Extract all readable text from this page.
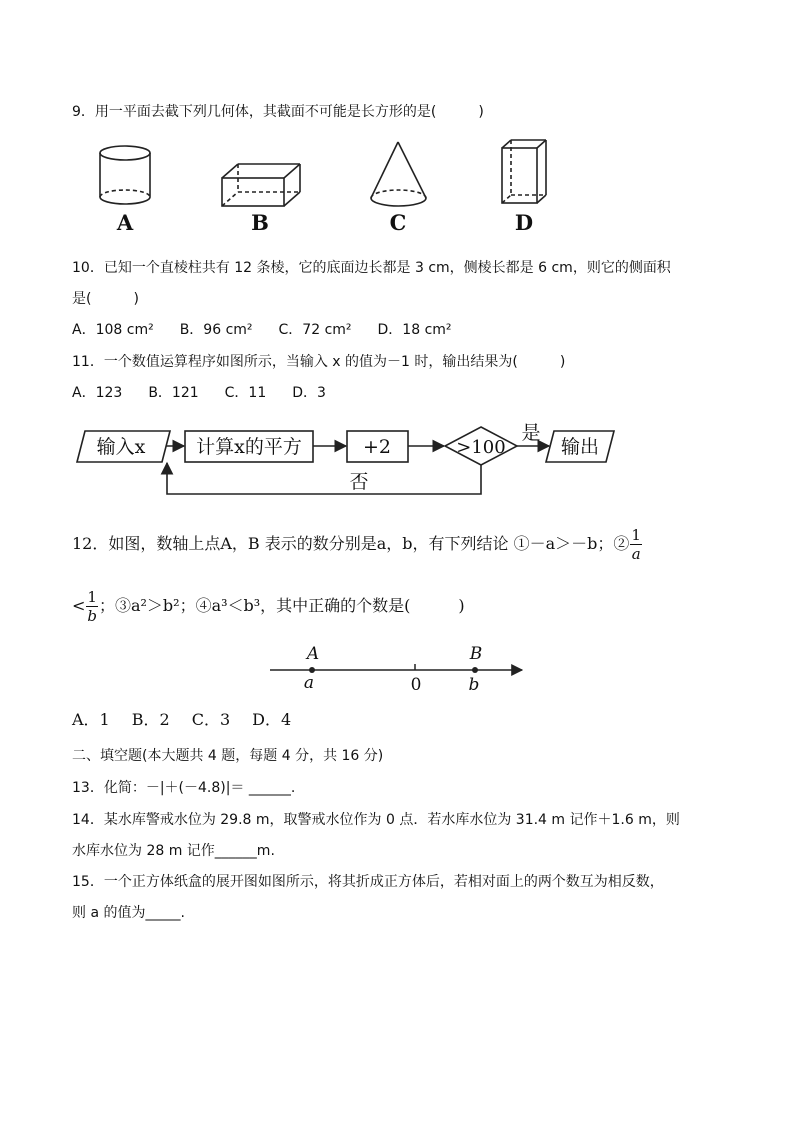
9．用一平面去截下列几何体，其截面不可能是长方形的是(　　　)
A	B	C	D
10．已知一个直棱柱共有 12 条棱，它的底面边长都是 3 cm，侧棱长都是 6 cm，则它的侧面积
是(　　　)
A．108 cm² B．96 cm² C．72 cm² D．18 cm²
11．一个数值运算程序如图所示，当输入 x 的值为－1 时，输出结果为(　　　)
A．123 B．121 C．11 D．3
输入x	计算x的平方	+2	>100
是
输出
否
12．如图，数轴上点A，B 表示的数分别是a，b，有下列结论 ①－a＞－b；② $\frac{1}{a}$
< $\frac{1}{b}$ ；③a²＞b²；④a³＜b³，其中正确的个数是(　　　)
A
a
B
b
0
A．1 B．2 C．3 D．4
二、填空题(本大题共 4 题，每题 4 分，共 16 分)
13．化简：－|＋(－4.8)|＝ ______.
14．某水库警戒水位为 29.8 m，取警戒水位作为 0 点．若水库水位为 31.4 m 记作＋1.6 m，则
水库水位为 28 m 记作______m.
15．一个正方体纸盒的展开图如图所示，将其折成正方体后，若相对面上的两个数互为相反数，
则 a 的值为_____.
